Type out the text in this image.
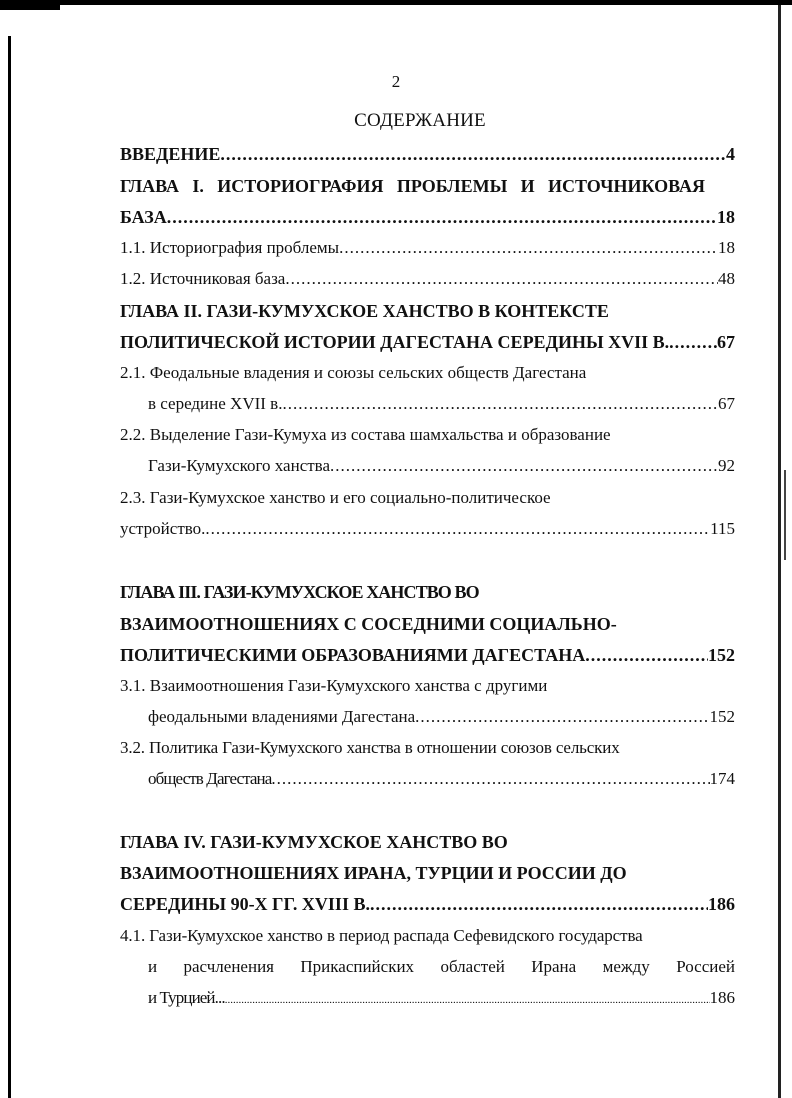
2
СОДЕРЖАНИЕ
ВВЕДЕНИЕ .....	4
ГЛАВА I. ИСТОРИОГРАФИЯ ПРОБЛЕМЫ И ИСТОЧНИКОВАЯ
БАЗА .....	18
1.1. Историография проблемы .....	18
1.2. Источниковая база .....	48
ГЛАВА II. ГАЗИ-КУМУХСКОЕ ХАНСТВО В КОНТЕКСТЕ
ПОЛИТИЧЕСКОЙ ИСТОРИИ ДАГЕСТАНА СЕРЕДИНЫ XVII В. .....	67
2.1. Феодальные владения и союзы сельских обществ Дагестана
в середине XVII в. .....	67
2.2. Выделение Гази-Кумуха из состава шамхальства и образование
Гази-Кумухского ханства .....	92
2.3. Гази-Кумухское ханство и его социально-политическое
устройство. .....	115
ГЛАВА III. ГАЗИ-КУМУХСКОЕ ХАНСТВО ВО
ВЗАИМООТНОШЕНИЯХ С СОСЕДНИМИ СОЦИАЛЬНО-
ПОЛИТИЧЕСКИМИ ОБРАЗОВАНИЯМИ ДАГЕСТАНА .....	152
3.1. Взаимоотношения Гази-Кумухского ханства с другими
феодальными владениями Дагестана .....	152
3.2. Политика Гази-Кумухского ханства в отношении союзов сельских
обществ Дагестана .....	174
ГЛАВА IV. ГАЗИ-КУМУХСКОЕ ХАНСТВО ВО
ВЗАИМООТНОШЕНИЯХ ИРАНА, ТУРЦИИ И РОССИИ ДО
СЕРЕДИНЫ 90-Х ГГ. XVIII В. .....	186
4.1. Гази-Кумухское ханство в период распада Сефевидского государства
и расчленения Прикаспийских областей Ирана между Россией
и Турцией... .....	186
